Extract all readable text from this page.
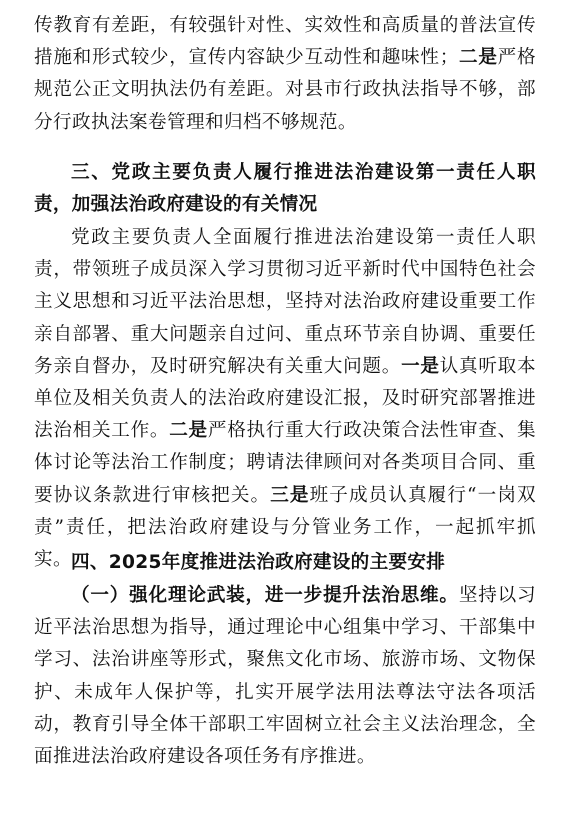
传教育有差距，有较强针对性、实效性和高质量的普法宣传措施和形式较少，宣传内容缺少互动性和趣味性；二是严格规范公正文明执法仍有差距。对县市行政执法指导不够，部分行政执法案卷管理和归档不够规范。

三、党政主要负责人履行推进法治建设第一责任人职责，加强法治政府建设的有关情况

党政主要负责人全面履行推进法治建设第一责任人职责，带领班子成员深入学习贯彻习近平新时代中国特色社会主义思想和习近平法治思想，坚持对法治政府建设重要工作亲自部署、重大问题亲自过问、重点环节亲自协调、重要任务亲自督办，及时研究解决有关重大问题。一是认真听取本单位及相关负责人的法治政府建设汇报，及时研究部署推进法治相关工作。二是严格执行重大行政决策合法性审查、集体讨论等法治工作制度；聘请法律顾问对各类项目合同、重要协议条款进行审核把关。三是班子成员认真履行“一岗双责”责任，把法治政府建设与分管业务工作，一起抓牢抓实。 四、2025年度推进法治政府建设的主要安排

（一）强化理论武装，进一步提升法治思维。坚持以习近平法治思想为指导，通过理论中心组集中学习、干部集中学习、法治讲座等形式，聚焦文化市场、旅游市场、文物保护、未成年人保护等，扎实开展学法用法尊法守法各项活动，教育引导全体干部职工牢固树立社会主义法治理念，全面推进法治政府建设各项任务有序推进。
